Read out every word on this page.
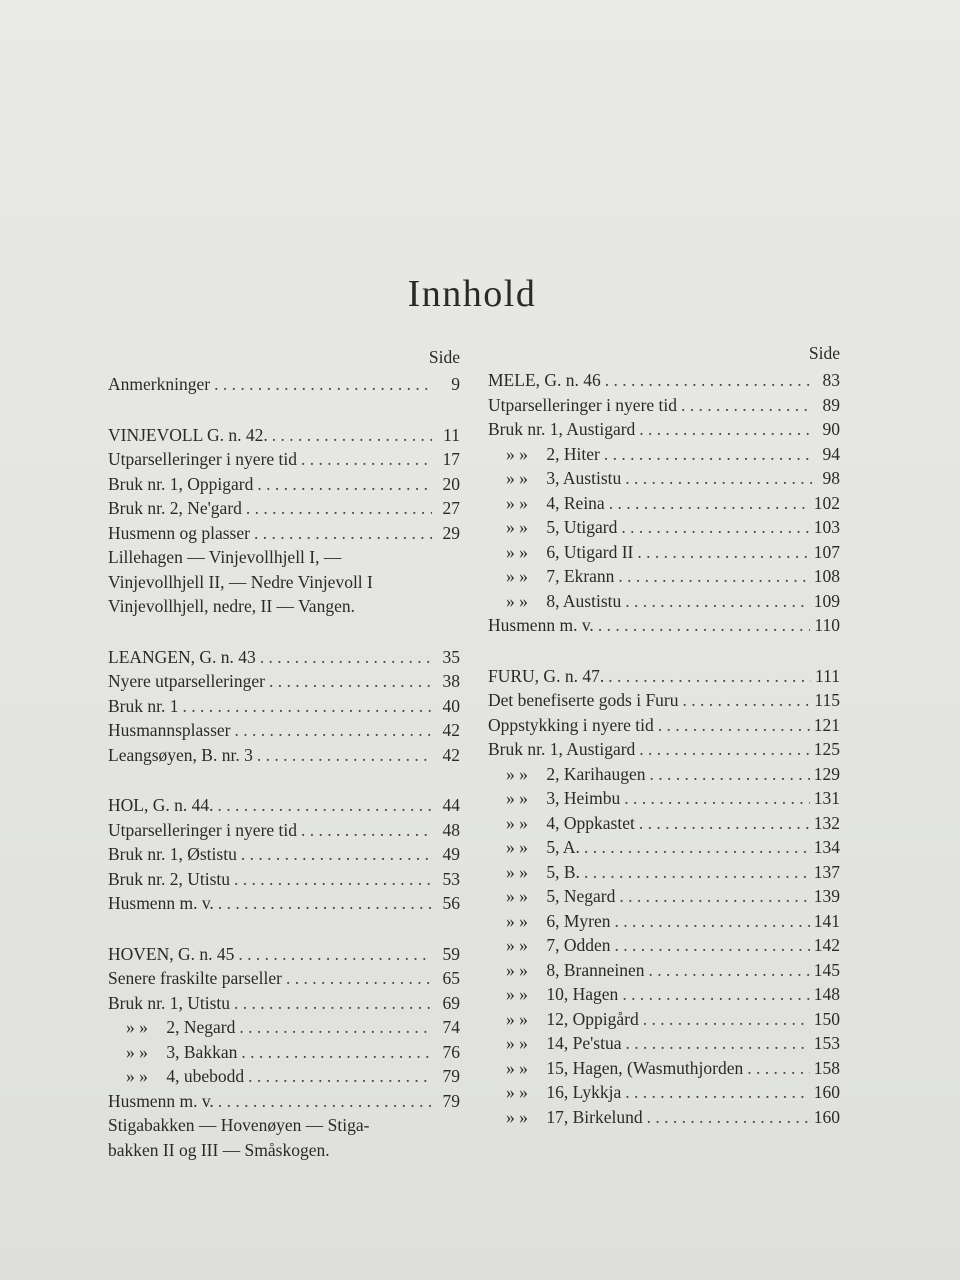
Innhold
Side
Anmerkninger . . .	9
VINJEVOLL G. n. 42. . . .	11
Utparselleringer i nyere tid . . .	17
Bruk nr. 1, Oppigard . . .	20
Bruk nr. 2, Ne'gard . . .	27
Husmenn og plasser . . .	29
Lillehagen — Vinjevollhjell I, —
Vinjevollhjell II, — Nedre Vinjevoll I
Vinjevollhjell, nedre, II — Vangen.
LEANGEN, G. n. 43 . . .	35
Nyere utparselleringer . . .	38
Bruk nr. 1 . . .	40
Husmannsplasser . . .	42
Leangsøyen, B. nr. 3 . . .	42
HOL, G. n. 44. . . .	44
Utparselleringer i nyere tid . . .	48
Bruk nr. 1, Østistu . . .	49
Bruk nr. 2, Utistu . . .	53
Husmenn m. v. . . .	56
HOVEN, G. n. 45 . . .	59
Senere fraskilte parseller . . .	65
Bruk nr. 1, Utistu . . .	69
» » 2, Negard . . .	74
» » 3, Bakkan . . .	76
» » 4, ubebodd . . .	79
Husmenn m. v. . . .	79
Stigabakken — Hovenøyen — Stiga-
bakken II og III — Småskogen.
Side
MELE, G. n. 46 . . .	83
Utparselleringer i nyere tid . . .	89
Bruk nr. 1, Austigard . . .	90
» » 2, Hiter . . .	94
» » 3, Austistu . . .	98
» » 4, Reina . . .	102
» » 5, Utigard . . .	103
» » 6, Utigard II . . .	107
» » 7, Ekrann . . .	108
» » 8, Austistu . . .	109
Husmenn m. v. . . .	110
FURU, G. n. 47. . . .	111
Det benefiserte gods i Furu . . .	115
Oppstykking i nyere tid . . .	121
Bruk nr. 1, Austigard . . .	125
» » 2, Karihaugen . . .	129
» » 3, Heimbu . . .	131
» » 4, Oppkastet . . .	132
» » 5, A. . . .	134
» » 5, B. . . .	137
» » 5, Negard . . .	139
» » 6, Myren . . .	141
» » 7, Odden . . .	142
» » 8, Branneinen . . .	145
» » 10, Hagen . . .	148
» » 12, Oppigård . . .	150
» » 14, Pe'stua . . .	153
» » 15, Hagen, (Wasmuthjorden . . .	158
» » 16, Lykkja . . .	160
» » 17, Birkelund . . .	160
